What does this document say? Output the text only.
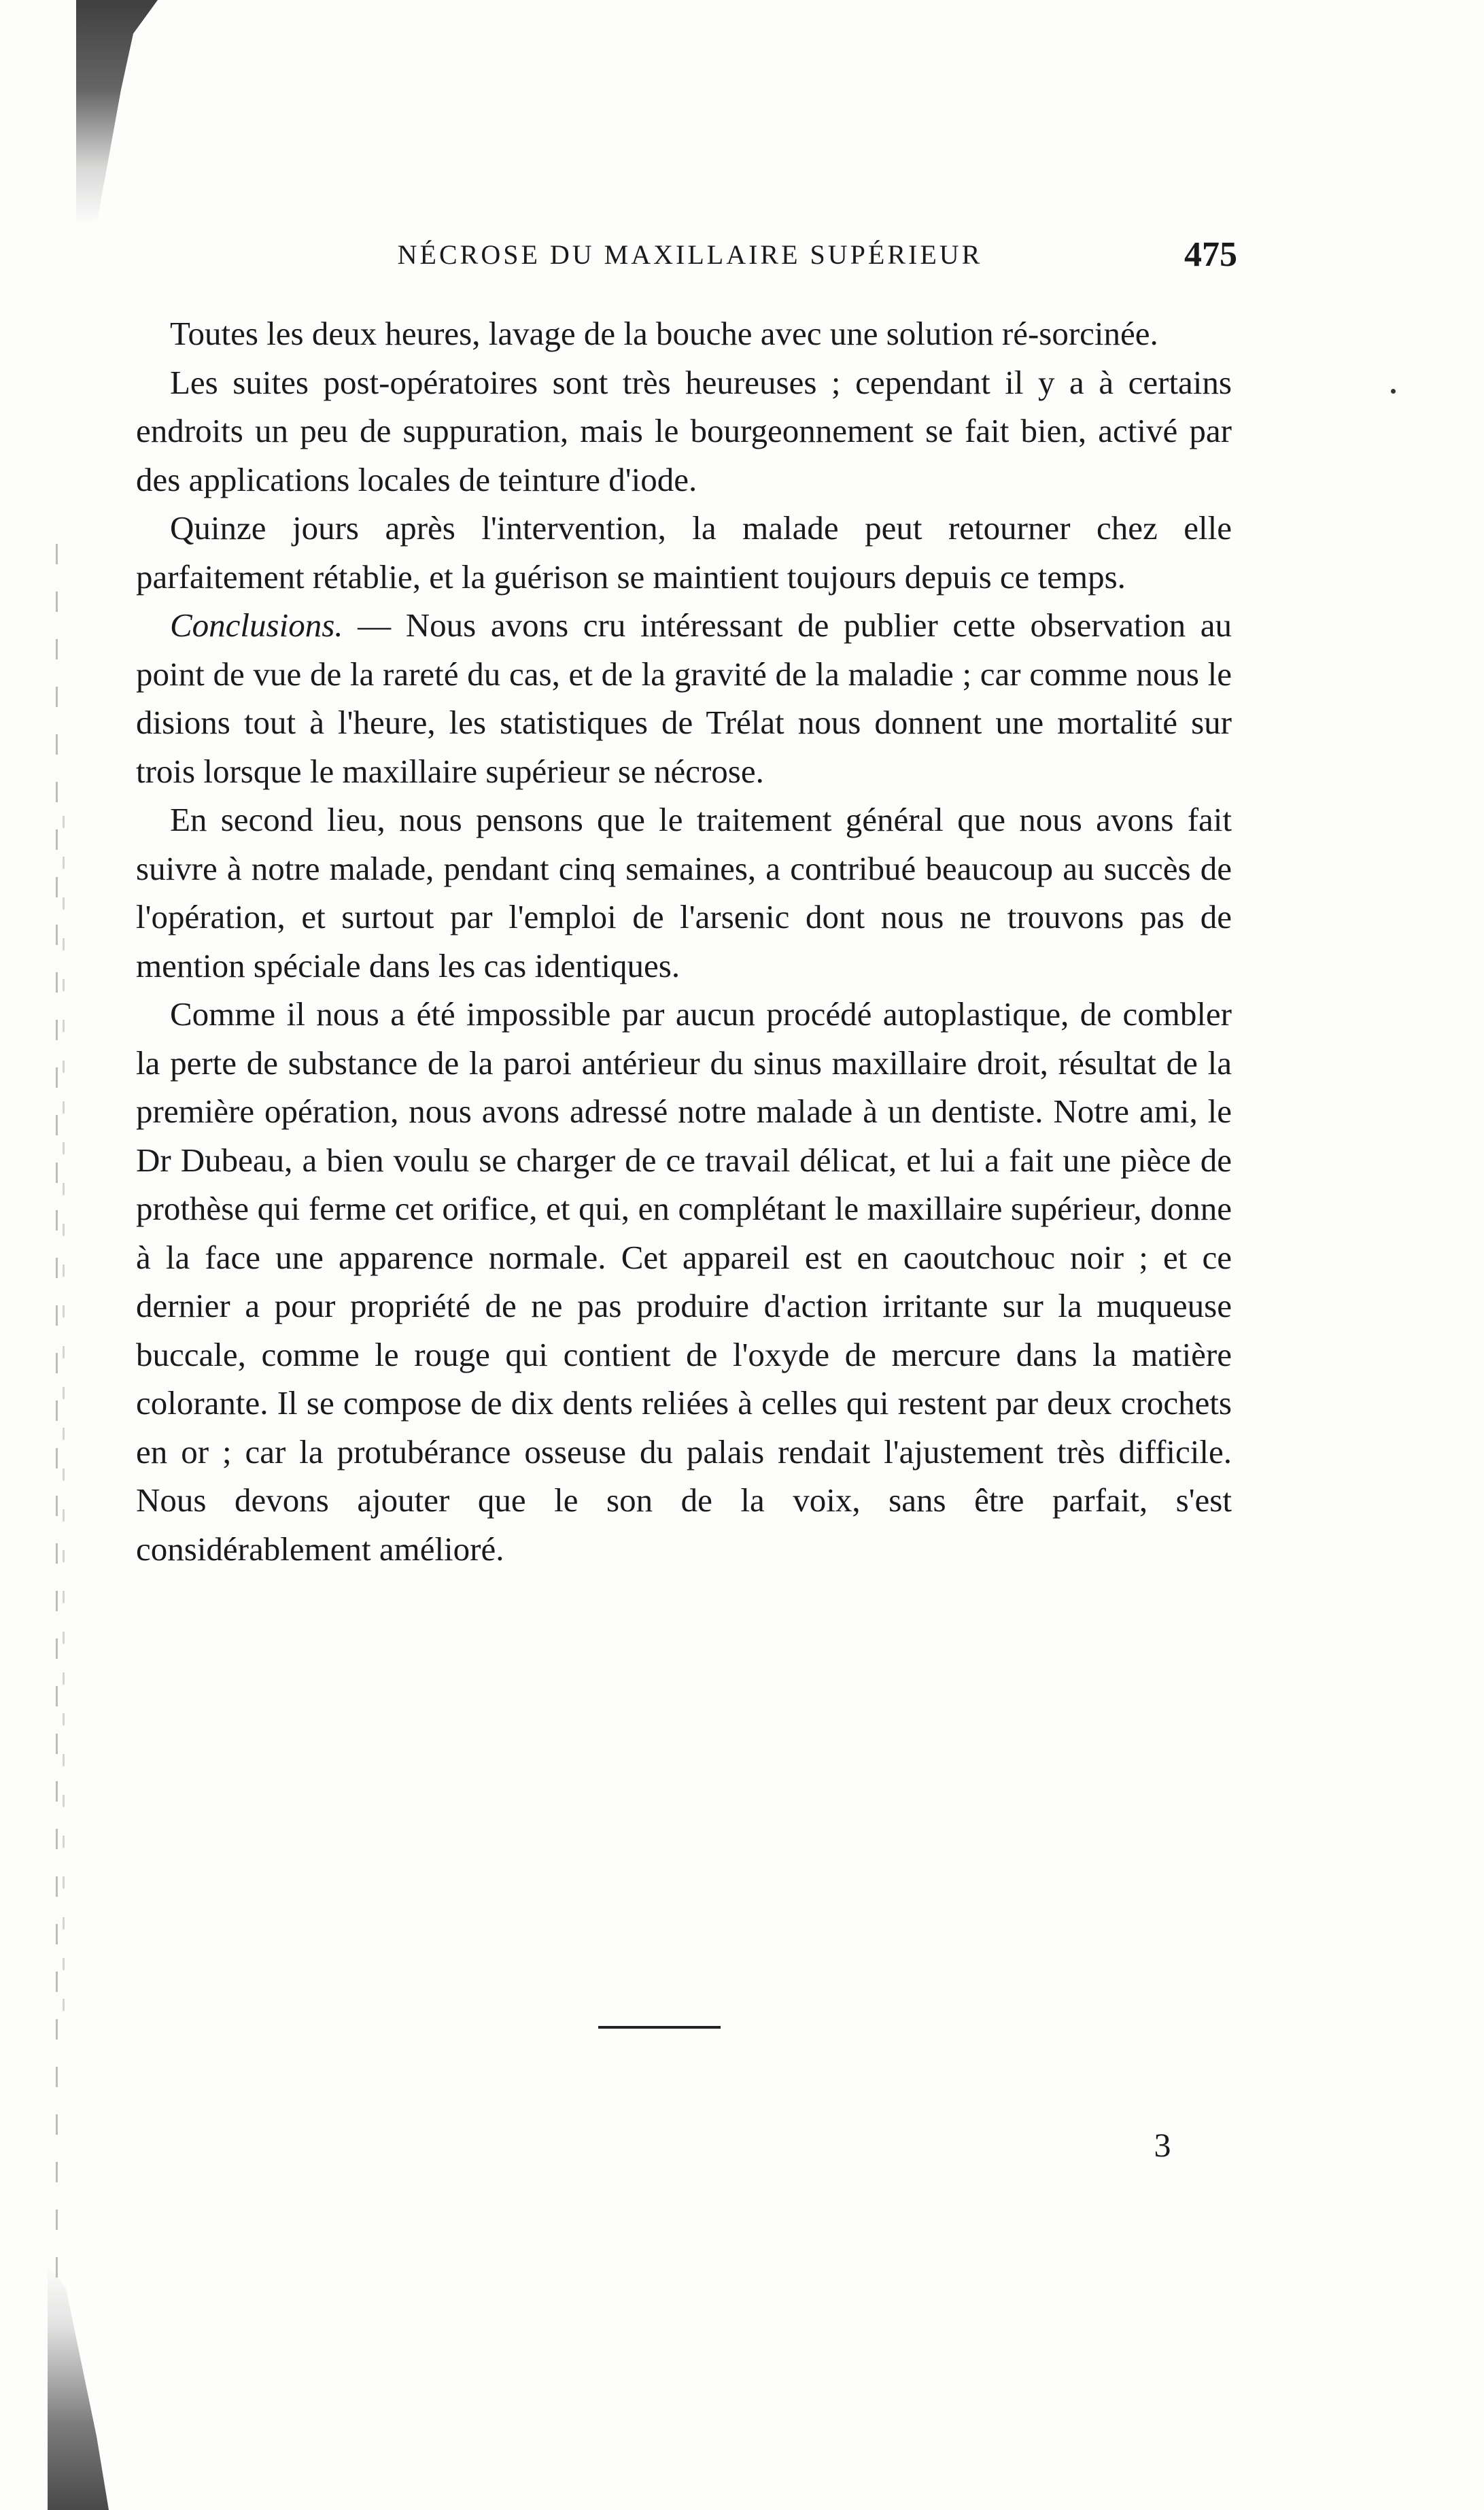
NÉCROSE DU MAXILLAIRE SUPÉRIEUR	475

Toutes les deux heures, lavage de la bouche avec une solution ré-sorcinée.

Les suites post-opératoires sont très heureuses ; cependant il y a à certains endroits un peu de suppuration, mais le bourgeonnement se fait bien, activé par des applications locales de teinture d'iode.

Quinze jours après l'intervention, la malade peut retourner chez elle parfaitement rétablie, et la guérison se maintient toujours depuis ce temps.

Conclusions. — Nous avons cru intéressant de publier cette observation au point de vue de la rareté du cas, et de la gravité de la maladie ; car comme nous le disions tout à l'heure, les statistiques de Trélat nous donnent une mortalité sur trois lorsque le maxillaire supérieur se nécrose.

En second lieu, nous pensons que le traitement général que nous avons fait suivre à notre malade, pendant cinq semaines, a contribué beaucoup au succès de l'opération, et surtout par l'emploi de l'arsenic dont nous ne trouvons pas de mention spéciale dans les cas identiques.

Comme il nous a été impossible par aucun procédé autoplastique, de combler la perte de substance de la paroi antérieur du sinus maxillaire droit, résultat de la première opération, nous avons adressé notre malade à un dentiste. Notre ami, le Dr Dubeau, a bien voulu se charger de ce travail délicat, et lui a fait une pièce de prothèse qui ferme cet orifice, et qui, en complétant le maxillaire supérieur, donne à la face une apparence normale. Cet appareil est en caoutchouc noir ; et ce dernier a pour propriété de ne pas produire d'action irritante sur la muqueuse buccale, comme le rouge qui contient de l'oxyde de mercure dans la matière colorante. Il se compose de dix dents reliées à celles qui restent par deux crochets en or ; car la protubérance osseuse du palais rendait l'ajustement très difficile. Nous devons ajouter que le son de la voix, sans être parfait, s'est considérablement amélioré.

3
